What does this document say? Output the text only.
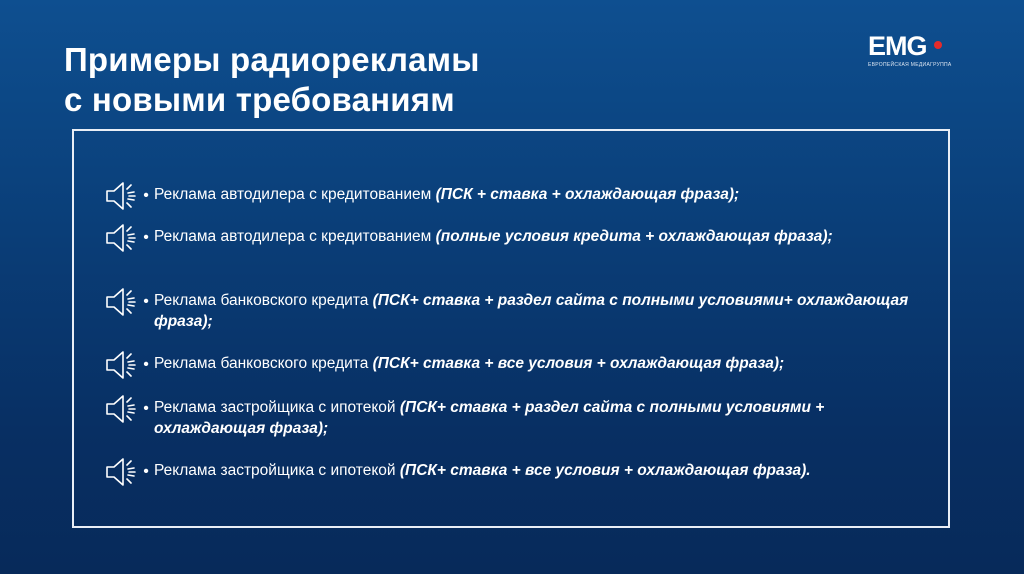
Примеры радиорекламы
с новыми требованиям
EMG
ЕВРОПЕЙСКАЯ МЕДИАГРУППА
• Реклама автодилера с кредитованием (ПСК + ставка + охлаждающая фраза);
• Реклама автодилера с кредитованием (полные условия кредита + охлаждающая фраза);
• Реклама банковского кредита (ПСК+ ставка + раздел сайта с полными условиями+ охлаждающая фраза);
• Реклама банковского кредита (ПСК+ ставка + все условия + охлаждающая фраза);
• Реклама застройщика с ипотекой (ПСК+ ставка + раздел сайта с полными условиями + охлаждающая фраза);
• Реклама застройщика с ипотекой (ПСК+ ставка + все условия + охлаждающая фраза).
